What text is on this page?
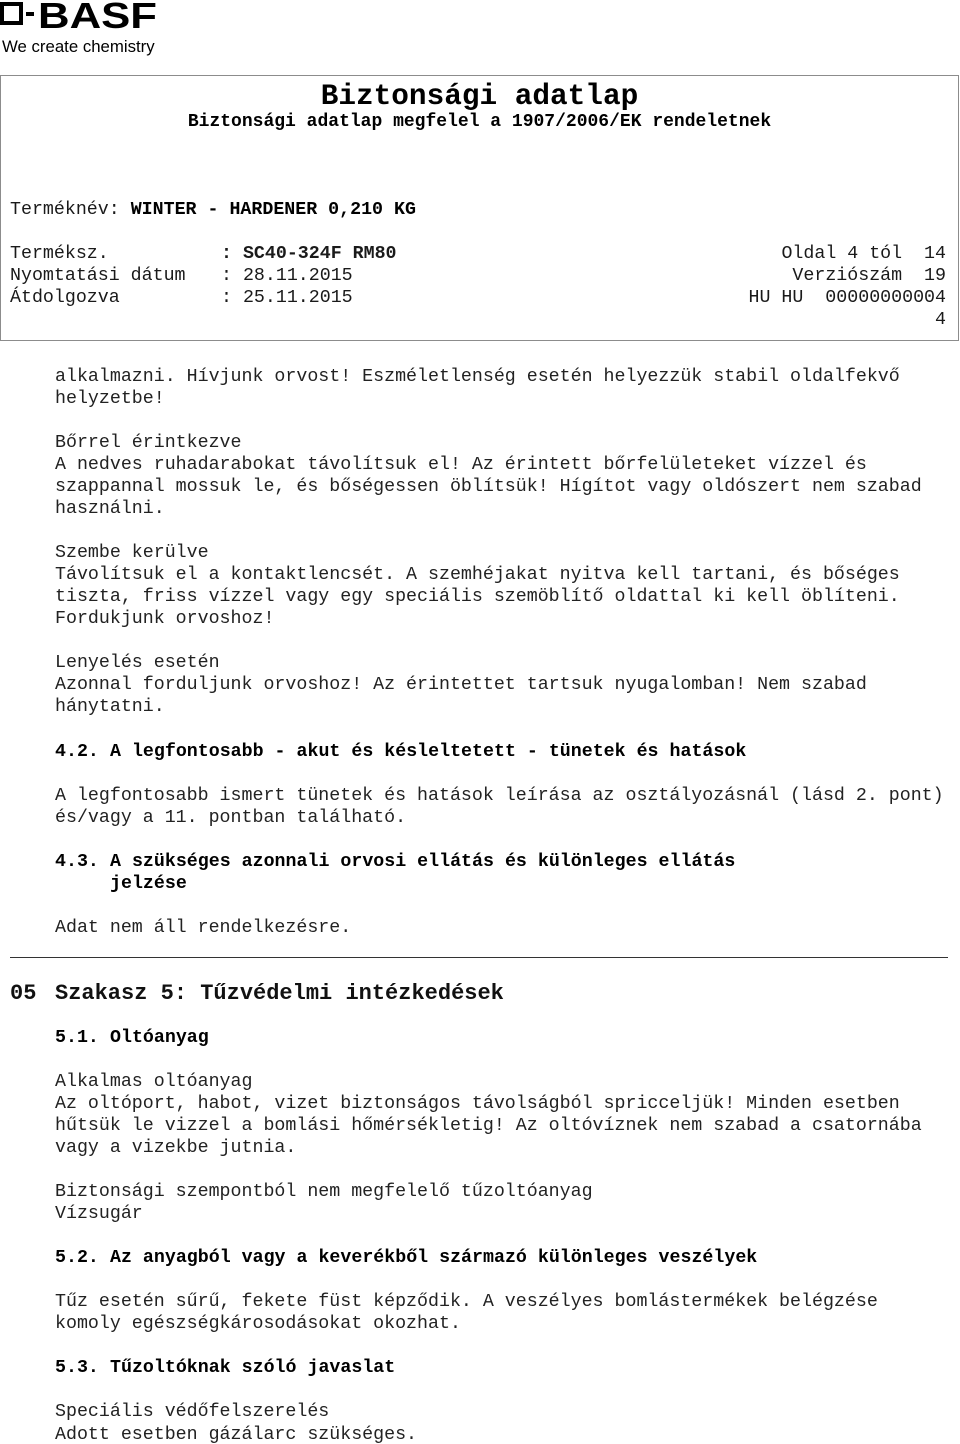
BASF
We create chemistry
Biztonsági adatlap
Biztonsági adatlap megfelel a 1907/2006/EK rendeletnek
Terméknév: WINTER - HARDENER 0,210 KG
Terméksz.	: SC40-324F RM80	Oldal 4 tól  14
Nyomtatási dátum : 28.11.2015	Verziószám  19
Átdolgozva	: 25.11.2015	HU HU  00000000004
4
alkalmazni. Hívjunk orvost! Eszméletlenség esetén helyezzük stabil oldalfekvő
helyzetbe!
Bőrrel érintkezve
A nedves ruhadarabokat távolítsuk el! Az érintett bőrfelületeket vízzel és
szappannal mossuk le, és bőségessen öblítsük! Hígítot vagy oldószert nem szabad
használni.
Szembe kerülve
Távolítsuk el a kontaktlencsét. A szemhéjakat nyitva kell tartani, és bőséges
tiszta, friss vízzel vagy egy speciális szemöblítő oldattal ki kell öblíteni.
Fordukjunk orvoshoz!
Lenyelés esetén
Azonnal forduljunk orvoshoz! Az érintettet tartsuk nyugalomban! Nem szabad
hánytatni.
4.2. A legfontosabb - akut és késleltetett - tünetek és hatások
A legfontosabb ismert tünetek és hatások leírása az osztályozásnál (lásd 2. pont)
és/vagy a 11. pontban található.
4.3. A szükséges azonnali orvosi ellátás és különleges ellátás
jelzése
Adat nem áll rendelkezésre.
05 Szakasz 5: Tűzvédelmi intézkedések
5.1. Oltóanyag
Alkalmas oltóanyag
Az oltóport, habot, vizet biztonságos távolságból spricceljük! Minden esetben
hűtsük le vizzel a bomlási hőmérsékletig! Az oltóvíznek nem szabad a csatornába
vagy a vizekbe jutnia.
Biztonsági szempontból nem megfelelő tűzoltóanyag
Vízsugár
5.2. Az anyagból vagy a keverékből származó különleges veszélyek
Tűz esetén sűrű, fekete füst képződik. A veszélyes bomlástermékek belégzése
komoly egészségkárosodásokat okozhat.
5.3. Tűzoltóknak szóló javaslat
Speciális védőfelszerelés
Adott esetben gázálarc szükséges.
